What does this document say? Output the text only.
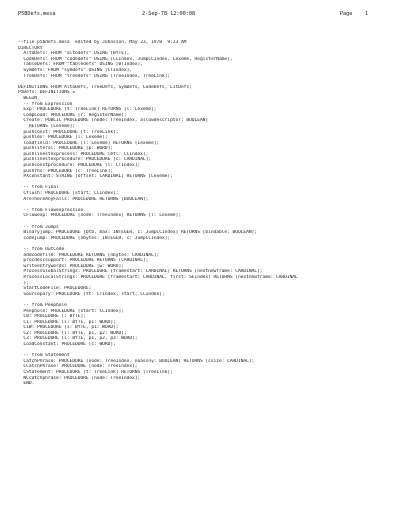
P5BDefs.mesa

	2-Sep-78 12:00:08

	Page 1

--file p5bdefs.mesa  edited by Johnsson, May 23, 1978  9:23 AM
DIRECTORY
AltoDefs: FROM "altodefs" USING [BYTE],
CodeDefs: FROM "codedefs" USING [CCIndex, JumpCCIndex, Lexeme, RegisterName],
TableDefs: FROM "tabledefs" USING [BTIndex],
SymDefs: FROM "symdefs" USING [CTIndex],
TreeDefs: FROM "treedefs" USING [TreeIndex, TreeLink];
DEFINITIONS FROM AltoDefs, TreeDefs, SymDefs, CodeDefs, LitDefs;
P5Defs: DEFINITIONS =
BEGIN
-- from Expression
Exp: PROCEDURE [t: TreeLink] RETURNS [l: Lexeme];
CompLoad: PROCEDURE [r: RegisterName];
Create: PUBLIC PROCEDURE [node: TreeIndex, allowdescriptor: BOOLEAN]
RETURNS [Lexeme];
pushconst: PROCEDURE [t: TreeLink];
pushlex: PROCEDURE [l: Lexeme];
loadfield: PROCEDURE [l: Lexeme] RETURNS [Lexeme];
pushliteral: PROCEDURE [p: WORD];
pushlinestexprocess: PROCEDURE [btl: CCIndex];
pushlinestexprocedure: PROCEDURE [c: CARDINAL];
pushconstprocedure: PROCEDURE [l: CTIndex];
pushrhs: PROCEDURE [c: TreeLink];
PXconstant: STRING [offset: CARDINAL] RETURNS [Lexeme];
-- from Final
Cflush: PROCEDURE [start: CCIndex];
AreThereAnyFalls: PROCEDURE RETURNS [BOOLEAN];
-- from Flowexpression
CFlowexp: PROCEDURE [node: TreeIndex] RETURNS [l: Lexeme];
-- from Jumps
Binaryjump: PROCEDURE [btb, max: INTEGER, c: JumpCCIndex] RETURNS [bindable: BOOLEAN];
codejump: PROCEDURE [nbytes: INTEGER, c: JumpCCIndex];
-- from OutCode
addcodefile: PROCEDURE RETURNS [nbytes: CARDINAL];
procdescsupport: PROCEDURE RETURNS [CARDINAL];
writeentrywords: PROCEDURE [w: WORD];
ProcessGlobalStrings: PROCEDURE [framestart: CARDINAL] RETURNS [nextnewframe: CARDINAL];
ProcessLocalStrings: PROCEDURE [framestart: CARDINAL, first: SEIndex] RETURNS [nextnewframe: CARDINAL
];
StartCodeFile: PROCEDURE;
Sourcepary: PROCEDURE [tt: CTIndex, start: CCIndex];
-- from Peephole
Peephole: PROCEDURE [start: CCIndex];
C0: PROCEDURE [: BYTE];
C1: PROCEDURE [i: BYTE, p1: WORD];
C1W: PROCEDURE [i: BYTE, p1: WORD];
C2: PROCEDURE [i: BYTE, p1, p2: WORD];
C3: PROCEDURE [i: BYTE, p1, p2, p3: WORD];
LoadConstant: PROCEDURE [c: WORD];
-- from Statement
CatchPhrase: PROCEDURE [node: TreeIndex, noassny: BOOLEAN] RETURNS [csize: CARDINAL];
CCatchPhrase: PROCEDURE [node: TreeIndex];
CStatement: PROCEDURE [t: TreeLink] RETURNS [TreeLink];
NCcatchphrase: PROCEDURE [node: TreeIndex];
END.
